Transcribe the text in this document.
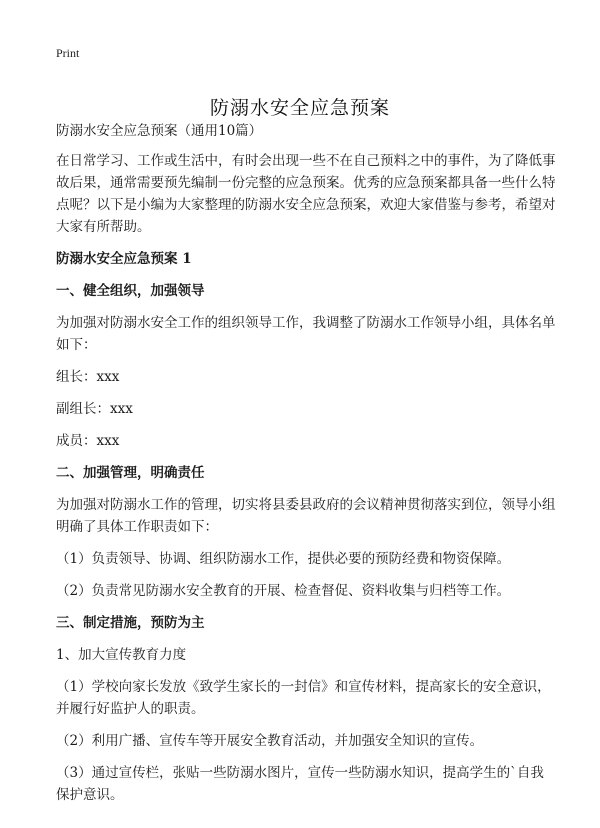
Print
防溺水安全应急预案

防溺水安全应急预案（通用10篇）

在日常学习、工作或生活中，有时会出现一些不在自己预料之中的事件，为了降低事故后果，通常需要预先编制一份完整的应急预案。优秀的应急预案都具备一些什么特点呢？以下是小编为大家整理的防溺水安全应急预案，欢迎大家借鉴与参考，希望对大家有所帮助。

防溺水安全应急预案 1

一、健全组织，加强领导

为加强对防溺水安全工作的组织领导工作，我调整了防溺水工作领导小组，具体名单如下：

组长：xxx

副组长：xxx

成员：xxx

二、加强管理，明确责任

为加强对防溺水工作的管理，切实将县委县政府的会议精神贯彻落实到位，领导小组明确了具体工作职责如下：

（1）负责领导、协调、组织防溺水工作，提供必要的预防经费和物资保障。

（2）负责常见防溺水安全教育的开展、检查督促、资料收集与归档等工作。

三、制定措施，预防为主

1、加大宣传教育力度

（1）学校向家长发放《致学生家长的一封信》和宣传材料，提高家长的安全意识，并履行好监护人的职责。

（2）利用广播、宣传车等开展安全教育活动，并加强安全知识的宣传。

（3）通过宣传栏，张贴一些防溺水图片，宣传一些防溺水知识，提高学生的`自我保护意识。
